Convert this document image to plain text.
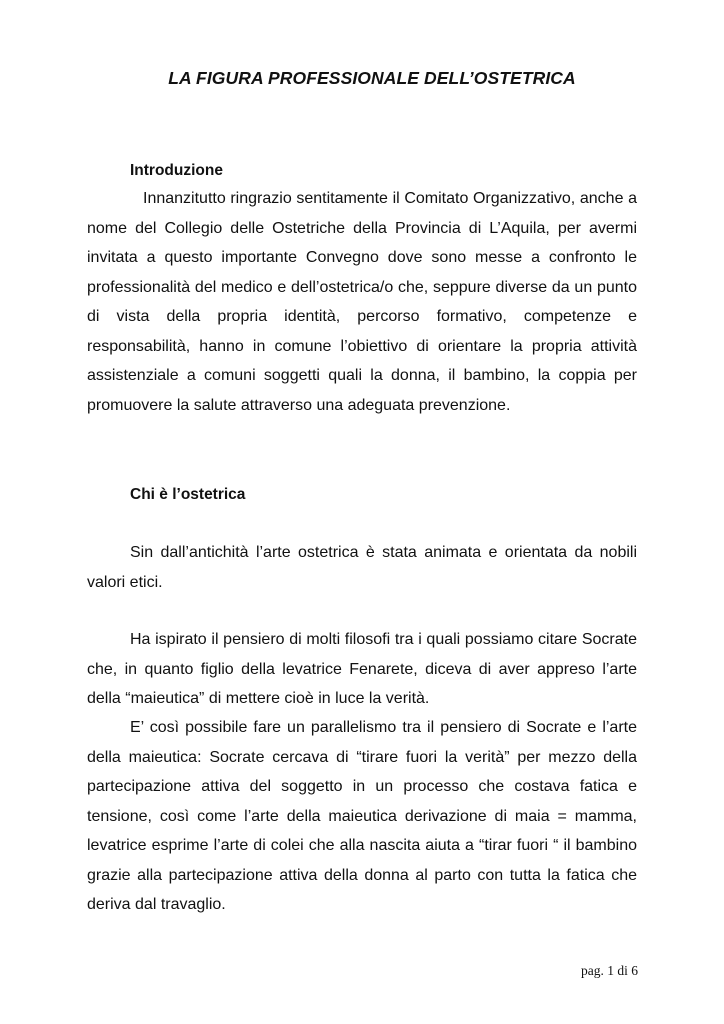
LA FIGURA PROFESSIONALE DELL’OSTETRICA
Introduzione
Innanzitutto ringrazio sentitamente il Comitato Organizzativo, anche a nome del Collegio delle Ostetriche della Provincia di L’Aquila, per avermi invitata a questo importante Convegno dove sono messe a confronto le professionalità del medico e dell’ostetrica/o che, seppure diverse da un punto di vista della propria identità, percorso formativo, competenze e responsabilità, hanno in comune l’obiettivo di orientare la propria attività assistenziale a comuni soggetti quali la donna, il bambino, la coppia per promuovere la salute attraverso una adeguata prevenzione.
Chi è l’ostetrica
Sin dall’antichità l’arte ostetrica è stata animata e orientata da nobili valori etici.
Ha ispirato il pensiero di molti filosofi tra i quali possiamo citare Socrate che, in quanto figlio della levatrice Fenarete, diceva di aver appreso l’arte della “maieutica” di mettere cioè in luce la verità.
E’ così possibile fare un parallelismo tra il pensiero di Socrate e l’arte della maieutica: Socrate cercava di “tirare fuori la verità” per mezzo della partecipazione attiva del soggetto in un processo che costava fatica e tensione, così come l’arte della maieutica derivazione di maia = mamma, levatrice esprime l’arte di colei che alla nascita aiuta a “tirar fuori “ il bambino grazie alla partecipazione attiva della donna al parto con tutta la fatica che deriva dal travaglio.
pag. 1 di 6
